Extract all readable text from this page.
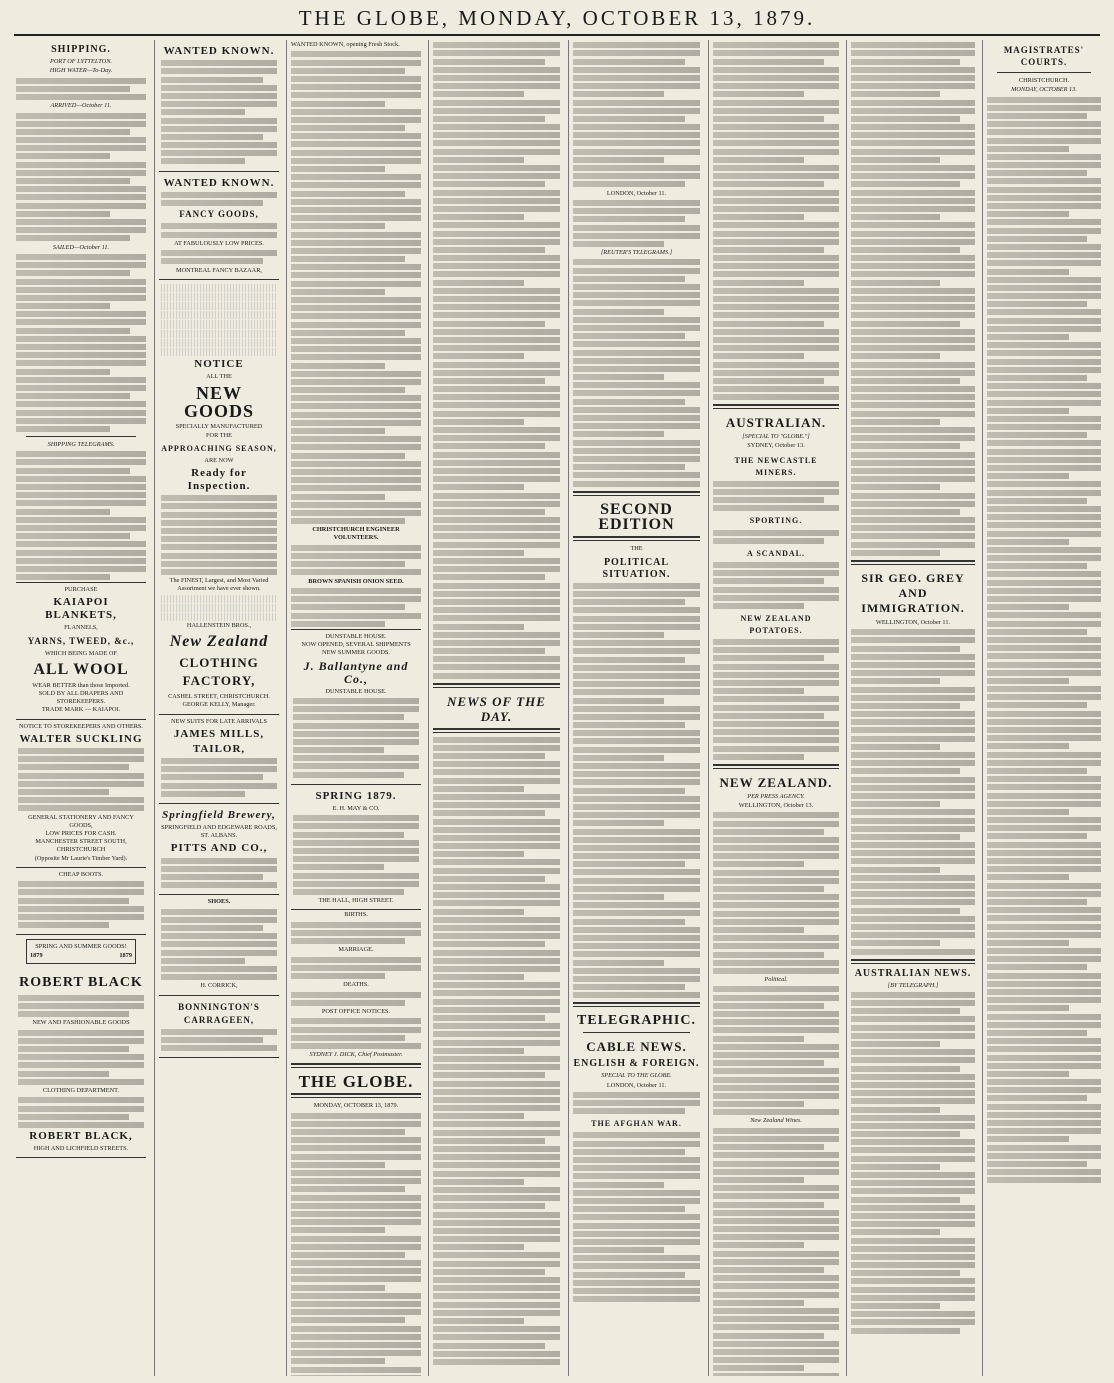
THE GLOBE, MONDAY, OCTOBER 13, 1879.
SHIPPING.
PORT OF LYTTELTON.
HIGH WATER—To-Day.
ARRIVED—October 11.
SAILED—October 11.
SHIPPING TELEGRAMS.
PURCHASE
KAIAPOI BLANKETS,
FLANNELS,
YARNS, TWEED, &c.,
WHICH BEING MADE OF
ALL WOOL
WEAR BETTER than those Imported.
SOLD BY ALL DRAPERS AND STOREKEEPERS.
TRADE MARK — KAIAPOI.
NOTICE TO STOREKEEPERS AND OTHERS.
WALTER SUCKLING
GENERAL STATIONERY AND FANCY GOODS,
LOW PRICES FOR CASH.
MANCHESTER STREET SOUTH,
CHRISTCHURCH
(Opposite Mr Laurie's Timber Yard).
CHEAP BOOTS.
SPRING AND SUMMER GOODS!
1879	1879
ROBERT BLACK
NEW AND FASHIONABLE GOODS
CLOTHING DEPARTMENT.
ROBERT BLACK,
HIGH AND LICHFIELD STREETS.
WANTED KNOWN.
WANTED KNOWN.
FANCY GOODS,
AT FABULOUSLY LOW PRICES.
MONTREAL FANCY BAZAAR,
NOTICE
ALL THE
NEW GOODS
SPECIALLY MANUFACTURED
FOR THE
APPROACHING SEASON,
ARE NOW
Ready for Inspection.
The FINEST, Largest, and Most Varied Assortment we have ever shown.
HALLENSTEIN BROS.,
New Zealand
CLOTHING FACTORY,
CASHEL STREET, CHRISTCHURCH.
GEORGE KELLY, Manager.
NEW SUITS FOR LATE ARRIVALS
JAMES MILLS,
TAILOR,
Springfield Brewery,
SPRINGFIELD AND EDGEWARE ROADS, ST. ALBANS.
PITTS AND CO.,
SHOES.
H. CORRICK,
BONNINGTON'S CARRAGEEN,
WANTED KNOWN, opening Fresh Stock.
CHRISTCHURCH ENGINEER VOLUNTEERS.
BROWN SPANISH ONION SEED.
DUNSTABLE HOUSE.
NOW OPENED, SEVERAL SHIPMENTS
NEW SUMMER GOODS.
J. Ballantyne and Co.,
DUNSTABLE HOUSE.
SPRING 1879.
E. H. MAY & CO.
THE HALL, HIGH STREET.
BIRTHS.
MARRIAGE.
DEATHS.
POST OFFICE NOTICES.
SYDNEY J. DICK, Chief Postmaster.
THE GLOBE.
MONDAY, OCTOBER 13, 1879.
NEWS OF THE DAY.
LONDON, October 11.
[REUTER'S TELEGRAMS.]
SECOND EDITION
THE
POLITICAL SITUATION.
TELEGRAPHIC.
CABLE NEWS.
ENGLISH & FOREIGN.
SPECIAL TO THE GLOBE.
LONDON, October 11.
THE AFGHAN WAR.
AUSTRALIAN.
[SPECIAL TO "GLOBE."]
SYDNEY, October 13.
THE NEWCASTLE MINERS.
SPORTING.
A SCANDAL.
NEW ZEALAND POTATOES.
NEW ZEALAND.
PER PRESS AGENCY.
WELLINGTON, October 13.
Political.
New Zealand Wines.
SIR GEO. GREY AND IMMIGRATION.
WELLINGTON, October 11.
AUSTRALIAN NEWS.
[BY TELEGRAPH.]
MAGISTRATES' COURTS.
CHRISTCHURCH.
MONDAY, OCTOBER 13.
